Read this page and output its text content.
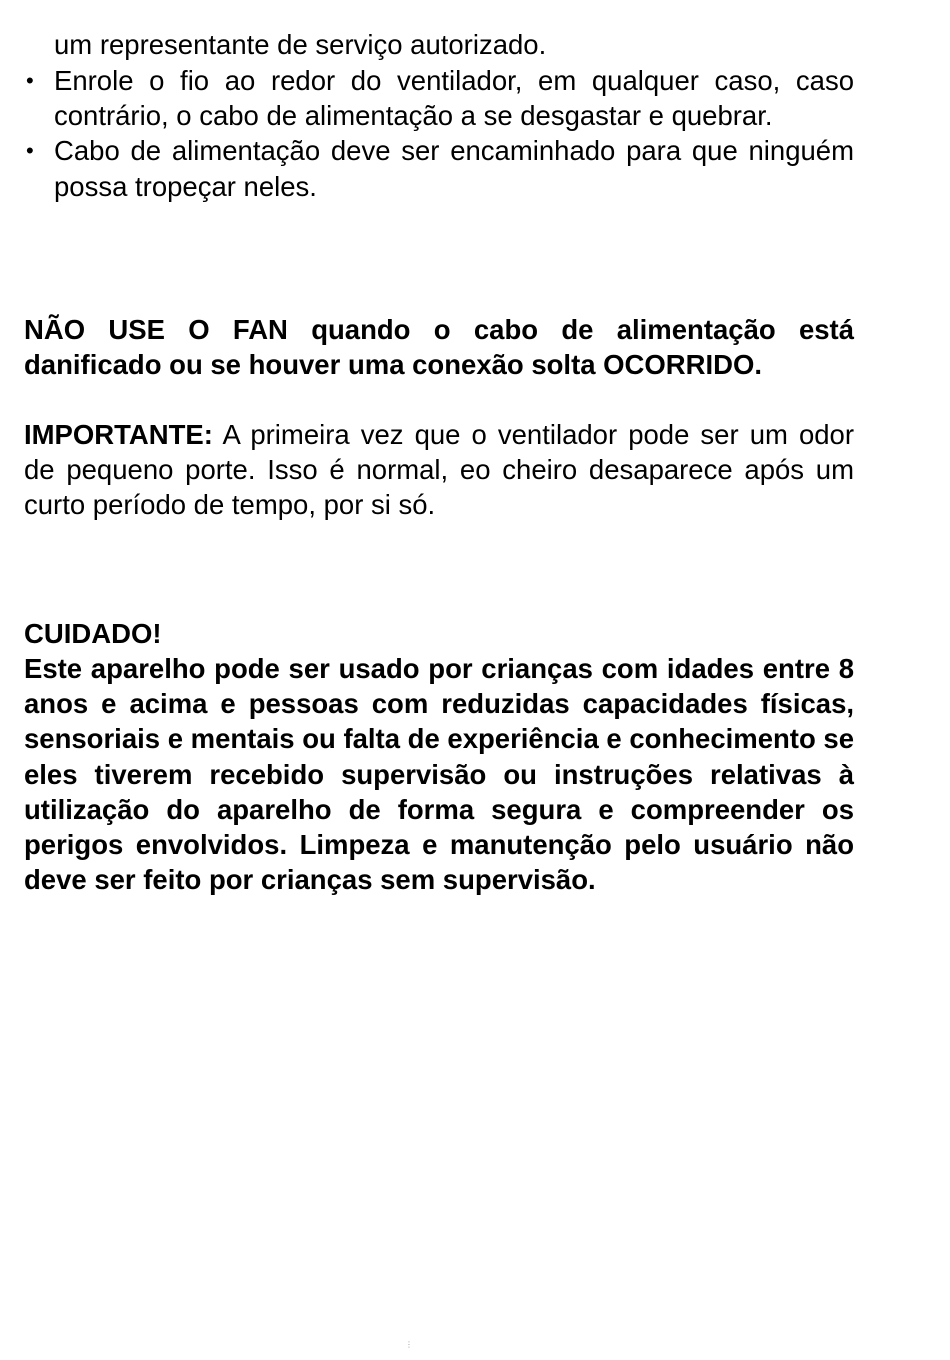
um representante de serviço autorizado.

• Enrole o fio ao redor do ventilador, em qualquer caso, caso contrário, o cabo de alimentação a se desgastar e quebrar.
• Cabo de alimentação deve ser encaminhado para que ninguém possa tropeçar neles.

NÃO USE O FAN quando o cabo de alimentação está danificado ou se houver uma conexão solta OCORRIDO.

IMPORTANTE: A primeira vez que o ventilador pode ser um odor de pequeno porte. Isso é normal, eo cheiro desaparece após um curto período de tempo, por si só.

CUIDADO!

Este aparelho pode ser usado por crianças com idades entre 8 anos e acima e pessoas com reduzidas capacidades físicas, sensoriais e mentais ou falta de experiência e conhecimento se eles tiverem recebido supervisão ou instruções relativas à utilização do aparelho de forma segura e compreender os perigos envolvidos. Limpeza e manutenção pelo usuário não deve ser feito por crianças sem supervisão.

⋮
